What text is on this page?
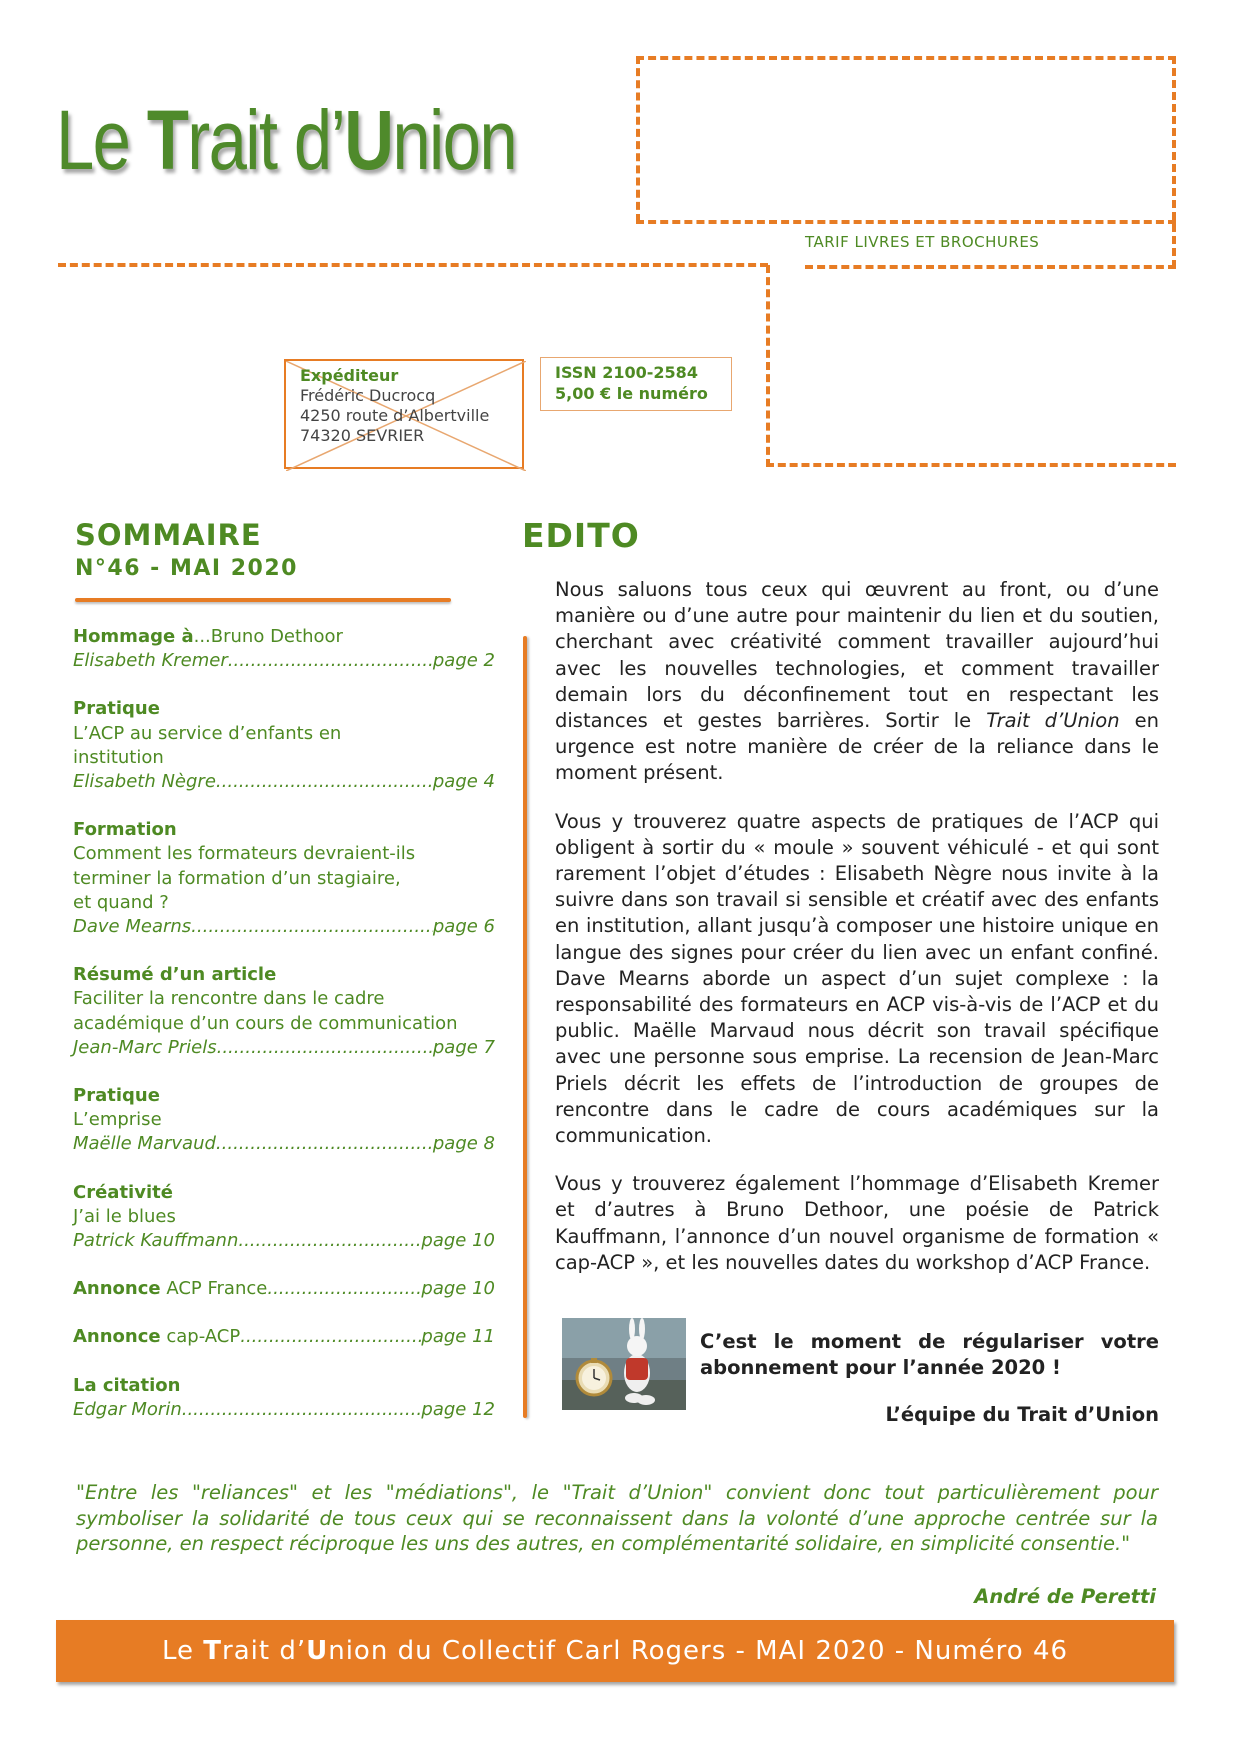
Le Trait d’Union
TARIF LIVRES ET BROCHURES
Expéditeur
Frédéric Ducrocq
4250 route d’Albertville
74320 SEVRIER
ISSN 2100-2584
5,00 € le numéro
SOMMAIRE
N°46 - MAI 2020
Hommage à...Bruno Dethoor
Elisabeth Kremer .....	page 2
Pratique
L’ACP au service d’enfants en
institution
Elisabeth Nègre .....	page 4
Formation
Comment les formateurs devraient-ils
terminer la formation d’un stagiaire,
et quand ?
Dave Mearns .....	page 6
Résumé d’un article
Faciliter la rencontre dans le cadre
académique d’un cours de communication
Jean-Marc Priels .....	page 7
Pratique
L’emprise
Maëlle Marvaud .....	page 8
Créativité
J’ai le blues
Patrick Kauffmann .....	page 10
Annonce ACP France .....	page 10
Annonce cap-ACP .....	page 11
La citation
Edgar Morin .....	page 12
EDITO

Nous saluons tous ceux qui œuvrent au front, ou d’une manière ou d’une autre pour maintenir du lien et du soutien, cherchant avec créativité comment travailler aujourd’hui avec les nouvelles technologies, et comment travailler demain lors du déconfinement tout en respectant les distances et gestes barrières. Sortir le Trait d’Union en urgence est notre manière de créer de la reliance dans le moment présent.

Vous y trouverez quatre aspects de pratiques de l’ACP qui obligent à sortir du « moule » souvent véhiculé - et qui sont rarement l’objet d’études : Elisabeth Nègre nous invite à la suivre dans son travail si sensible et créatif avec des enfants en institution, allant jusqu’à composer une histoire unique en langue des signes pour créer du lien avec un enfant confiné. Dave Mearns aborde un aspect d’un sujet complexe : la responsabilité des formateurs en ACP vis-à-vis de l’ACP et du public. Maëlle Marvaud nous décrit son travail spécifique avec une personne sous emprise. La recension de Jean-Marc Priels décrit les effets de l’introduction de groupes de rencontre dans le cadre de cours académiques sur la communication.

Vous y trouverez également l’hommage d’Elisabeth Kremer et d’autres à Bruno Dethoor, une poésie de Patrick Kauffmann, l’annonce d’un nouvel organisme de formation « cap-ACP », et les nouvelles dates du workshop d’ACP France.

C’est le moment de régulariser votre abonnement pour l’année 2020 !
L’équipe du Trait d’Union
"Entre les "reliances" et les "médiations", le "Trait d’Union" convient donc tout particulièrement pour symboliser la solidarité de tous ceux qui se reconnaissent dans la volonté d’une approche centrée sur la personne, en respect réciproque les uns des autres, en complémentarité solidaire, en simplicité consentie."
André de Peretti
Le Trait d’Union du Collectif Carl Rogers - MAI 2020 - Numéro 46
